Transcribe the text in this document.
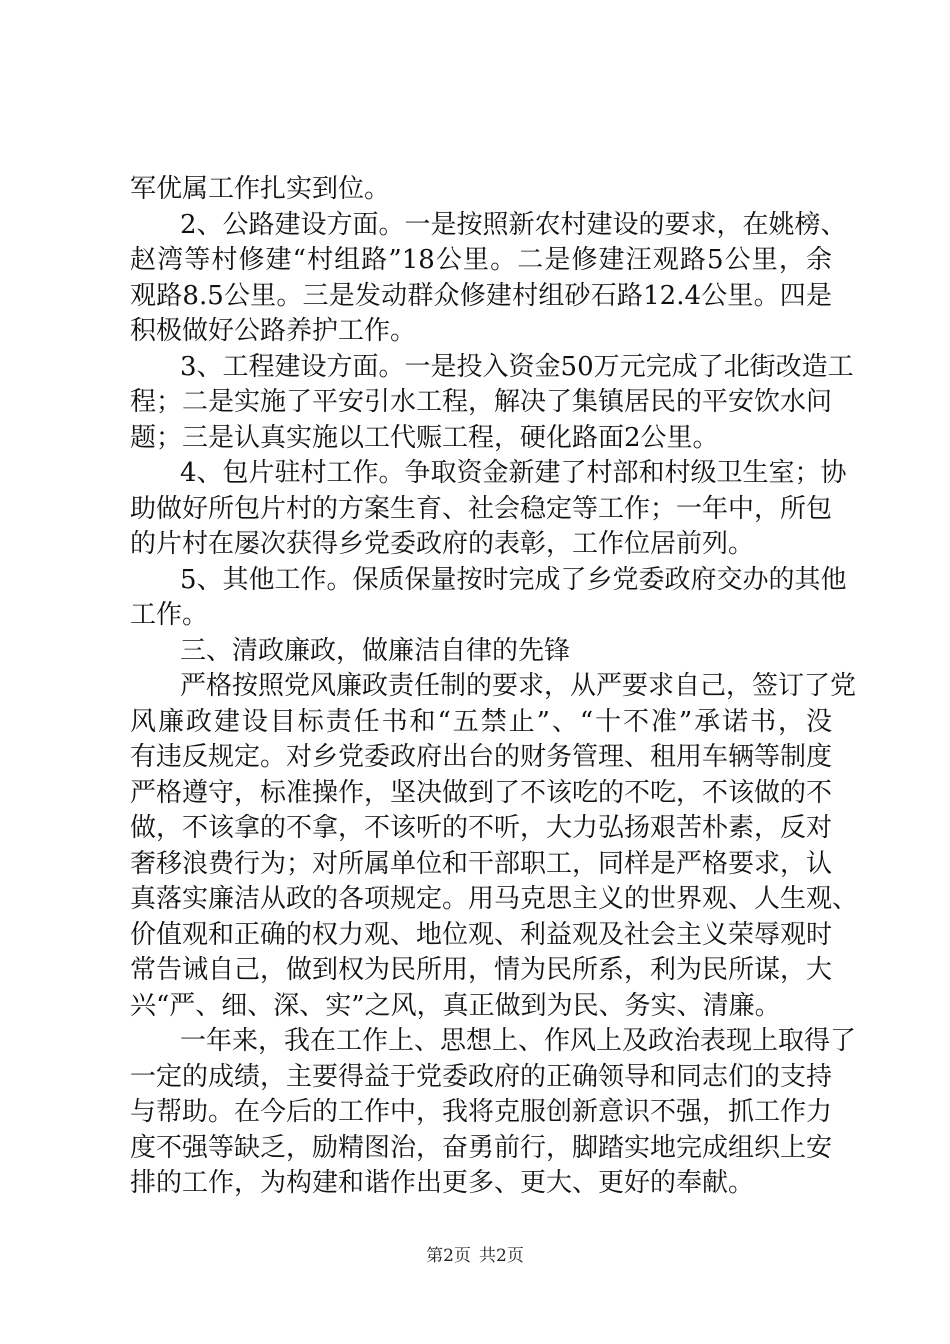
军优属工作扎实到位。
2、公路建设方面。一是按照新农村建设的要求，在姚榜、
赵湾等村修建“村组路”18公里。二是修建汪观路5公里，余
观路8.5公里。三是发动群众修建村组砂石路12.4公里。四是
积极做好公路养护工作。
3、工程建设方面。一是投入资金50万元完成了北街改造工
程；二是实施了平安引水工程，解决了集镇居民的平安饮水问
题；三是认真实施以工代赈工程，硬化路面2公里。
4、包片驻村工作。争取资金新建了村部和村级卫生室；协
助做好所包片村的方案生育、社会稳定等工作；一年中，所包
的片村在屡次获得乡党委政府的表彰，工作位居前列。
5、其他工作。保质保量按时完成了乡党委政府交办的其他
工作。
三、清政廉政，做廉洁自律的先锋
严格按照党风廉政责任制的要求，从严要求自己，签订了党
风廉政建设目标责任书和“五禁止”、“十不准”承诺书，没
有违反规定。对乡党委政府出台的财务管理、租用车辆等制度
严格遵守，标准操作，坚决做到了不该吃的不吃，不该做的不
做，不该拿的不拿，不该听的不听，大力弘扬艰苦朴素，反对
奢移浪费行为；对所属单位和干部职工，同样是严格要求，认
真落实廉洁从政的各项规定。用马克思主义的世界观、人生观、
价值观和正确的权力观、地位观、利益观及社会主义荣辱观时
常告诫自己，做到权为民所用，情为民所系，利为民所谋，大
兴“严、细、深、实”之风，真正做到为民、务实、清廉。
一年来，我在工作上、思想上、作风上及政治表现上取得了
一定的成绩，主要得益于党委政府的正确领导和同志们的支持
与帮助。在今后的工作中，我将克服创新意识不强，抓工作力
度不强等缺乏，励精图治，奋勇前行，脚踏实地完成组织上安
排的工作，为构建和谐作出更多、更大、更好的奉献。
第2页 共2页
